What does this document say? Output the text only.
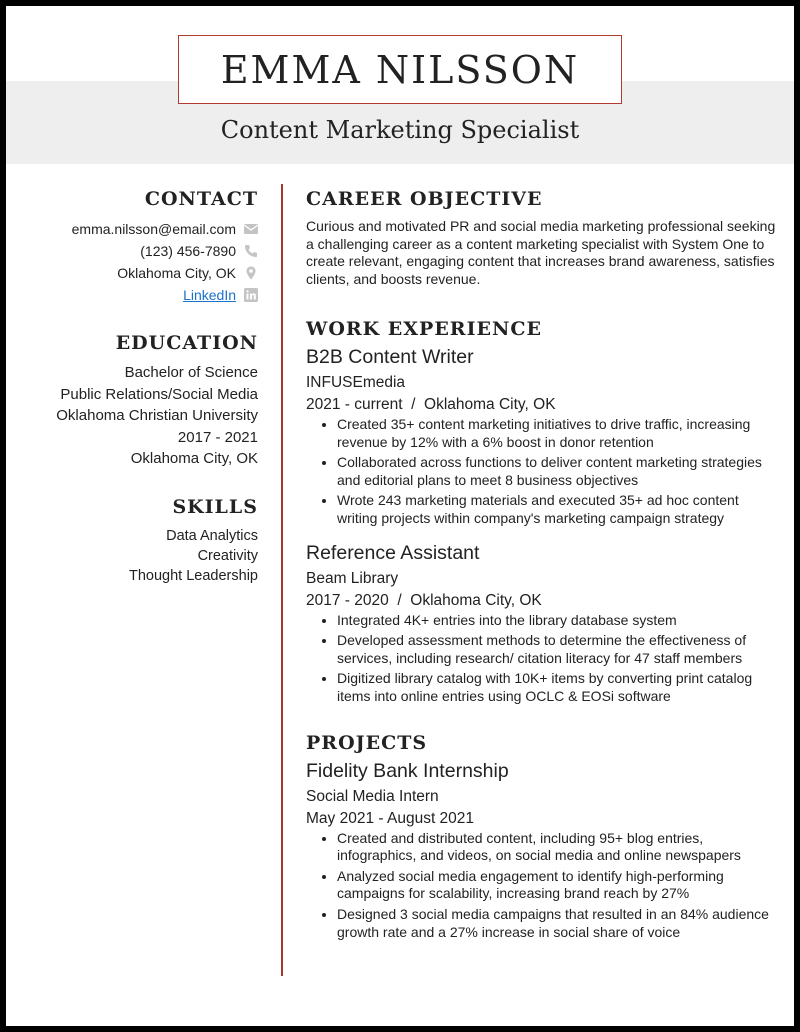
EMMA NILSSON
Content Marketing Specialist
CONTACT
emma.nilsson@email.com
(123) 456-7890
Oklahoma City, OK
LinkedIn
EDUCATION
Bachelor of Science
Public Relations/Social Media
Oklahoma Christian University
2017 - 2021
Oklahoma City, OK
SKILLS
Data Analytics
Creativity
Thought Leadership
CAREER OBJECTIVE
Curious and motivated PR and social media marketing professional seeking a challenging career as a content marketing specialist with System One to create relevant, engaging content that increases brand awareness, satisfies clients, and boosts revenue.
WORK EXPERIENCE
B2B Content Writer
INFUSEmedia
2021 - current  /  Oklahoma City, OK
• Created 35+ content marketing initiatives to drive traffic, increasing revenue by 12% with a 6% boost in donor retention
• Collaborated across functions to deliver content marketing strategies and editorial plans to meet 8 business objectives
• Wrote 243 marketing materials and executed 35+ ad hoc content writing projects within company's marketing campaign strategy
Reference Assistant
Beam Library
2017 - 2020  /  Oklahoma City, OK
• Integrated 4K+ entries into the library database system
• Developed assessment methods to determine the effectiveness of services, including research/ citation literacy for 47 staff members
• Digitized library catalog with 10K+ items by converting print catalog items into online entries using OCLC & EOSi software
PROJECTS
Fidelity Bank Internship
Social Media Intern
May 2021 - August 2021
• Created and distributed content, including 95+ blog entries, infographics, and videos, on social media and online newspapers
• Analyzed social media engagement to identify high-performing campaigns for scalability, increasing brand reach by 27%
• Designed 3 social media campaigns that resulted in an 84% audience growth rate and a 27% increase in social share of voice
